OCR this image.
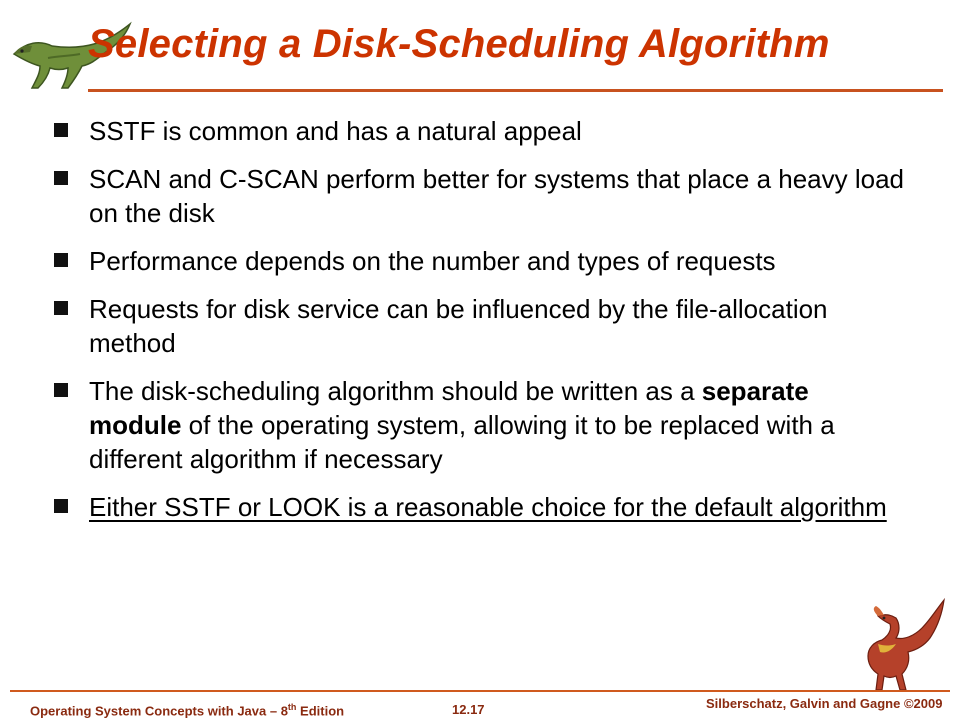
Selecting a Disk-Scheduling Algorithm
SSTF is common and has a natural appeal
SCAN and C-SCAN perform better for systems that place a heavy load on the disk
Performance depends on the number and types of requests
Requests for disk service can be influenced by the file-allocation method
The disk-scheduling algorithm should be written as a separate module of the operating system, allowing it to be replaced with a different algorithm if necessary
Either SSTF or LOOK is a reasonable choice for the default algorithm
Operating System Concepts with Java – 8th Edition	12.17	Silberschatz, Galvin and Gagne ©2009
